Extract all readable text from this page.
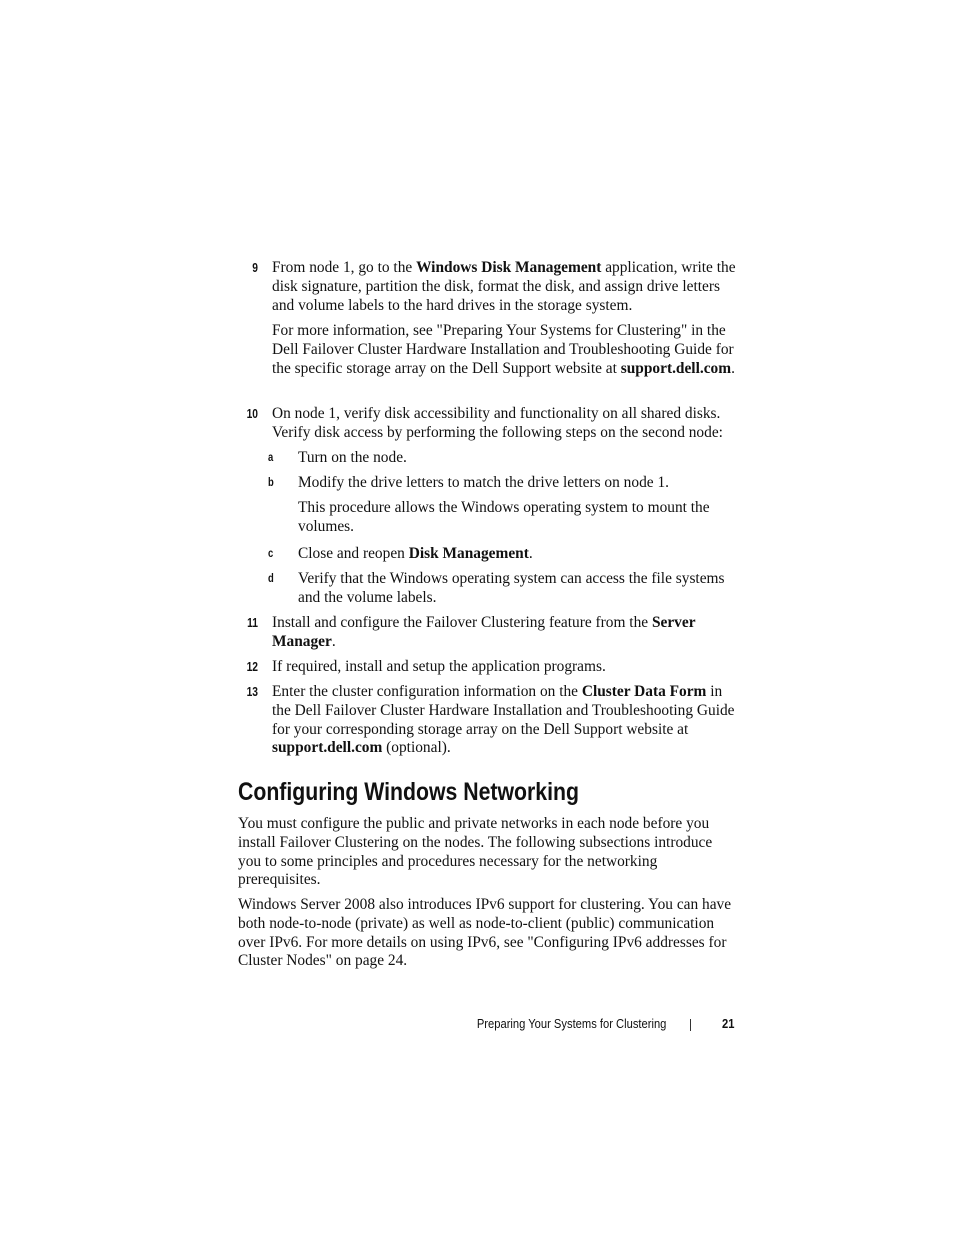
9 From node 1, go to the Windows Disk Management application, write the disk signature, partition the disk, format the disk, and assign drive letters and volume labels to the hard drives in the storage system.
For more information, see "Preparing Your Systems for Clustering" in the Dell Failover Cluster Hardware Installation and Troubleshooting Guide for the specific storage array on the Dell Support website at support.dell.com.
10 On node 1, verify disk accessibility and functionality on all shared disks. Verify disk access by performing the following steps on the second node:
a Turn on the node.
b Modify the drive letters to match the drive letters on node 1.
This procedure allows the Windows operating system to mount the volumes.
c Close and reopen Disk Management.
d Verify that the Windows operating system can access the file systems and the volume labels.
11 Install and configure the Failover Clustering feature from the Server Manager.
12 If required, install and setup the application programs.
13 Enter the cluster configuration information on the Cluster Data Form in the Dell Failover Cluster Hardware Installation and Troubleshooting Guide for your corresponding storage array on the Dell Support website at support.dell.com (optional).
Configuring Windows Networking

You must configure the public and private networks in each node before you install Failover Clustering on the nodes. The following subsections introduce you to some principles and procedures necessary for the networking prerequisites.

Windows Server 2008 also introduces IPv6 support for clustering. You can have both node-to-node (private) as well as node-to-client (public) communication over IPv6. For more details on using IPv6, see "Configuring IPv6 addresses for Cluster Nodes" on page 24.

Preparing Your Systems for Clustering	21
